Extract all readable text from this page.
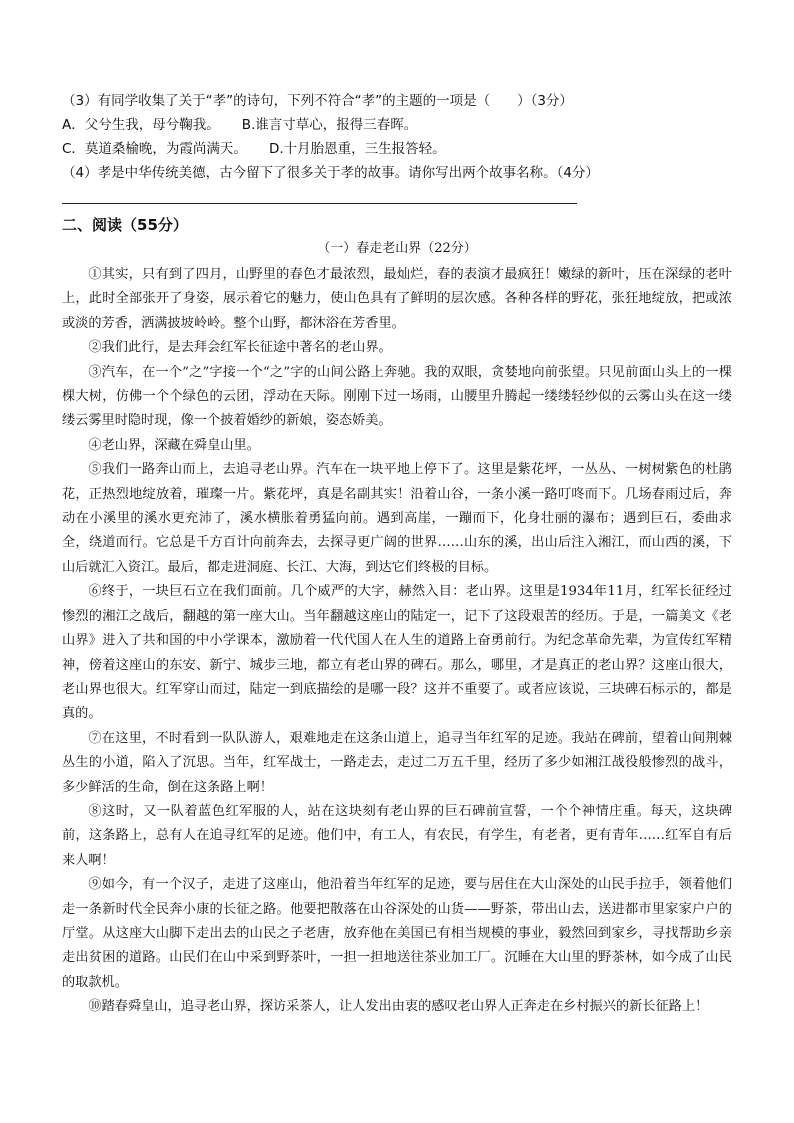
（3）有同学收集了关于“孝”的诗句，下列不符合“孝”的主题的一项是（　　）（3分）
A．父兮生我，母兮鞠我。 B.谁言寸草心，报得三春晖。
C．莫道桑榆晚，为霞尚满天。 D.十月胎恩重，三生报答轻。
（4）孝是中华传统美德，古今留下了很多关于孝的故事。请你写出两个故事名称。（4分）
二、阅读（55分）
（一）春走老山界（22分）

①其实，只有到了四月，山野里的春色才最浓烈，最灿烂，春的表演才最疯狂！嫩绿的新叶，压在深绿的老叶上，此时全部张开了身姿，展示着它的魅力，使山色具有了鲜明的层次感。各种各样的野花，张狂地绽放，把或浓或淡的芳香，洒满披坡岭岭。整个山野，都沐浴在芳香里。

②我们此行，是去拜会红军长征途中著名的老山界。

③汽车，在一个“之”字接一个“之”字的山间公路上奔驰。我的双眼，贪婪地向前张望。只见前面山头上的一棵棵大树，仿佛一个个绿色的云团，浮动在天际。刚刚下过一场雨，山腰里升腾起一缕缕轻纱似的云雾山头在这一缕缕云雾里时隐时现，像一个披着婚纱的新娘，姿态娇美。

④老山界，深藏在舜皇山里。

⑤我们一路奔山而上，去追寻老山界。汽车在一块平地上停下了。这里是紫花坪，一丛丛、一树树紫色的杜鹃花，正热烈地绽放着，璀璨一片。紫花坪，真是名副其实！沿着山谷，一条小溪一路叮咚而下。几场春雨过后，奔动在小溪里的溪水更充沛了，溪水横胀着勇猛向前。遇到高崖，一蹦而下，化身壮丽的瀑布；遇到巨石，委曲求全，绕道而行。它总是千方百计向前奔去，去探寻更广阔的世界……山东的溪，出山后注入湘江，而山西的溪，下山后就汇入资江。最后，都走进洞庭、长江、大海，到达它们终极的目标。

⑥终于，一块巨石立在我们面前。几个威严的大字，赫然入目：老山界。这里是1934年11月，红军长征经过惨烈的湘江之战后，翻越的第一座大山。当年翻越这座山的陆定一，记下了这段艰苦的经历。于是，一篇美文《老山界》进入了共和国的中小学课本，激励着一代代国人在人生的道路上奋勇前行。为纪念革命先辈，为宣传红军精神，傍着这座山的东安、新宁、城步三地，都立有老山界的碑石。那么，哪里，才是真正的老山界？这座山很大，老山界也很大。红军穿山而过，陆定一到底描绘的是哪一段？这并不重要了。或者应该说，三块碑石标示的，都是真的。

⑦在这里，不时看到一队队游人，艰难地走在这条山道上，追寻当年红军的足迹。我站在碑前，望着山间荆棘丛生的小道，陷入了沉思。当年，红军战士，一路走去，走过二万五千里，经历了多少如湘江战役般惨烈的战斗，多少鲜活的生命，倒在这条路上啊！

⑧这时，又一队着蓝色红军服的人，站在这块刻有老山界的巨石碑前宣誓，一个个神情庄重。每天，这块碑前，这条路上，总有人在追寻红军的足迹。他们中，有工人，有农民，有学生，有老者，更有青年……红军自有后来人啊！

⑨如今，有一个汉子，走进了这座山，他沿着当年红军的足迹，要与居住在大山深处的山民手拉手，领着他们走一条新时代全民奔小康的长征之路。他要把散落在山谷深处的山货——野茶，带出山去，送进都市里家家户户的厅堂。从这座大山脚下走出去的山民之子老唐，放弃他在美国已有相当规模的事业，毅然回到家乡，寻找帮助乡亲走出贫困的道路。山民们在山中采到野茶叶，一担一担地送往茶业加工厂。沉睡在大山里的野茶林，如今成了山民的取款机。

⑩踏春舜皇山，追寻老山界，探访采茶人，让人发出由衷的感叹老山界人正奔走在乡村振兴的新长征路上！
